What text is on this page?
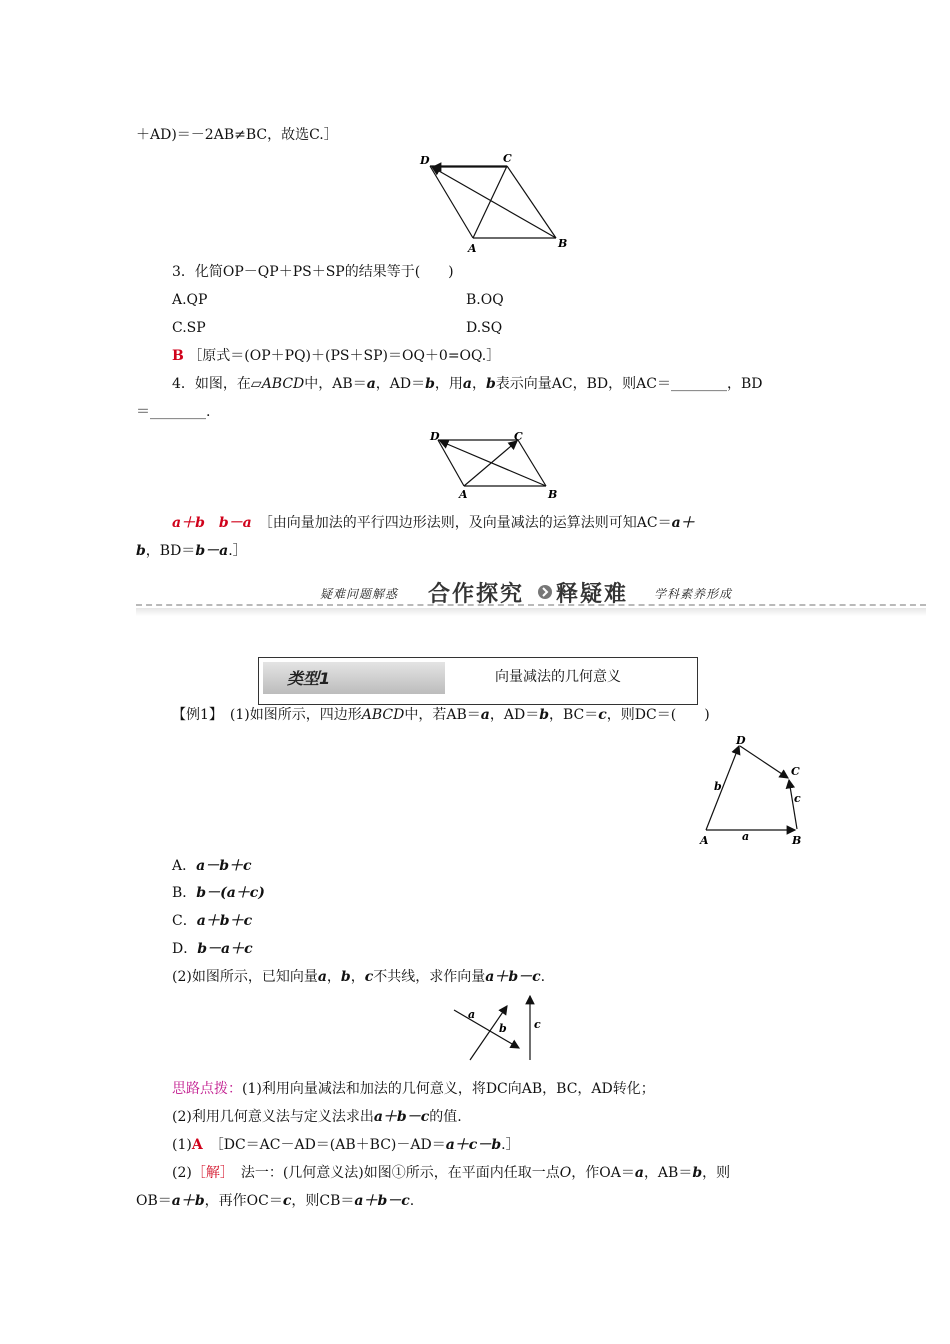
＋AD)＝－2AB≠BC，故选C.］
D	C
A	B
3．化简OP－QP＋PS＋SP的结果等于(　　)
A.QP	B.OQ
C.SP	D.SQ
B ［原式＝(OP＋PQ)＋(PS＋SP)＝OQ＋0=OQ.］
4．如图，在▱ABCD中，AB＝a，AD＝b，用a，b表示向量AC，BD，则AC＝________，BD
＝________.
D	C
A	B
a＋b　 b－a　 ［由向量加法的平行四边形法则，及向量减法的运算法则可知AC＝a＋
b，BD＝b－a.］
疑难问题解惑 合作探究 释疑难 学科素养形成
类型1	向量减法的几何意义
【例1】　 (1)如图所示，四边形ABCD中，若AB＝a，AD＝b，BC＝c，则DC＝(　　)
D
C
A	B
b
c
a
A．a－b＋c
B．b－(a＋c)
C．a＋b＋c
D．b－a＋c
(2)如图所示，已知向量a，b，c不共线，求作向量a＋b－c.
a
b c
思路点拨：(1)利用向量减法和加法的几何意义，将DC向AB，BC，AD转化；
(2)利用几何意义法与定义法求出a＋b－c的值.
(1)A　 ［DC＝AC－AD＝(AB＋BC)－AD＝a＋c－b.］
(2)［解］　 法一：(几何意义法)如图①所示，在平面内任取一点O，作OA＝a，AB＝b，则
OB＝a＋b，再作OC＝c，则CB＝a＋b－c.
